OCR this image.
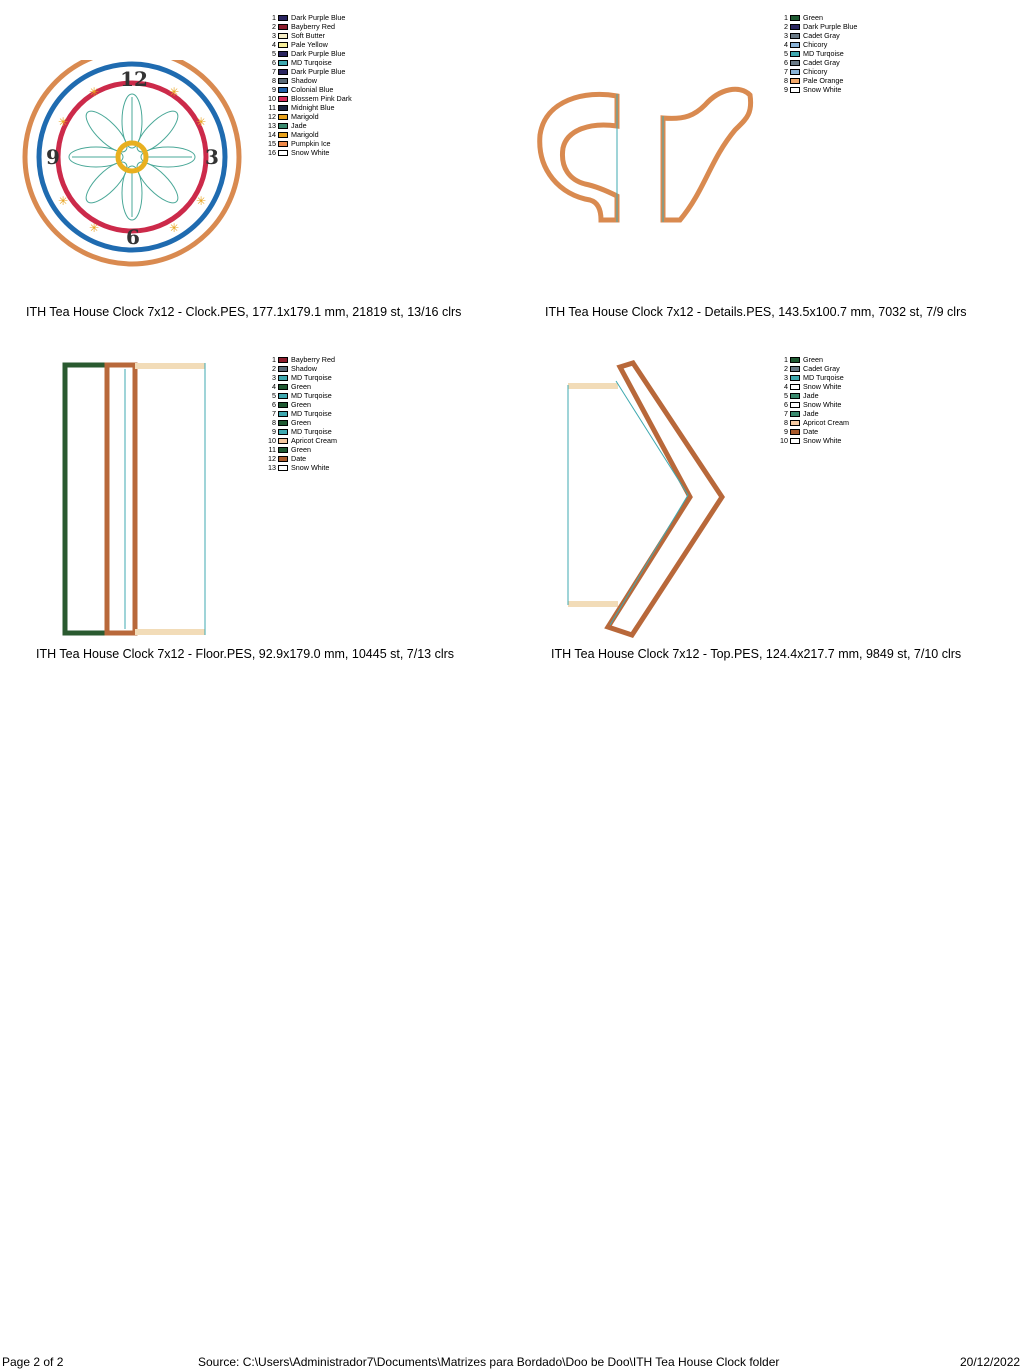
✳	✳
✳	✳
✳	✳
✳	✳
12
3
6
9
1 Dark Purple Blue
2 Bayberry Red
3 Soft Butter
4 Pale Yellow
5 Dark Purple Blue
6 MD Turqoise
7 Dark Purple Blue
8 Shadow
9 Colonial Blue
10 Blossem Pink Dark
11 Midnight Blue
12 Marigold
13 Jade
14 Marigold
15 Pumpkin Ice
16 Snow White
ITH Tea House Clock 7x12 - Clock.PES, 177.1x179.1 mm, 21819 st, 13/16 clrs
1 Green
2 Dark Purple Blue
3 Cadet Gray
4 Chicory
5 MD Turqoise
6 Cadet Gray
7 Chicory
8 Pale Orange
9 Snow White
ITH Tea House Clock 7x12 - Details.PES, 143.5x100.7 mm, 7032 st, 7/9 clrs
1 Bayberry Red
2 Shadow
3 MD Turqoise
4 Green
5 MD Turqoise
6 Green
7 MD Turqoise
8 Green
9 MD Turqoise
10 Apricot Cream
11 Green
12 Date
13 Snow White
ITH Tea House Clock 7x12 - Floor.PES, 92.9x179.0 mm, 10445 st, 7/13 clrs
1 Green
2 Cadet Gray
3 MD Turqoise
4 Snow White
5 Jade
6 Snow White
7 Jade
8 Apricot Cream
9 Date
10 Snow White
ITH Tea House Clock 7x12 - Top.PES, 124.4x217.7 mm, 9849 st, 7/10 clrs
Page 2 of 2	Source: C:\Users\Administrador7\Documents\Matrizes para Bordado\Doo be Doo\ITH Tea House Clock folder	20/12/2022
